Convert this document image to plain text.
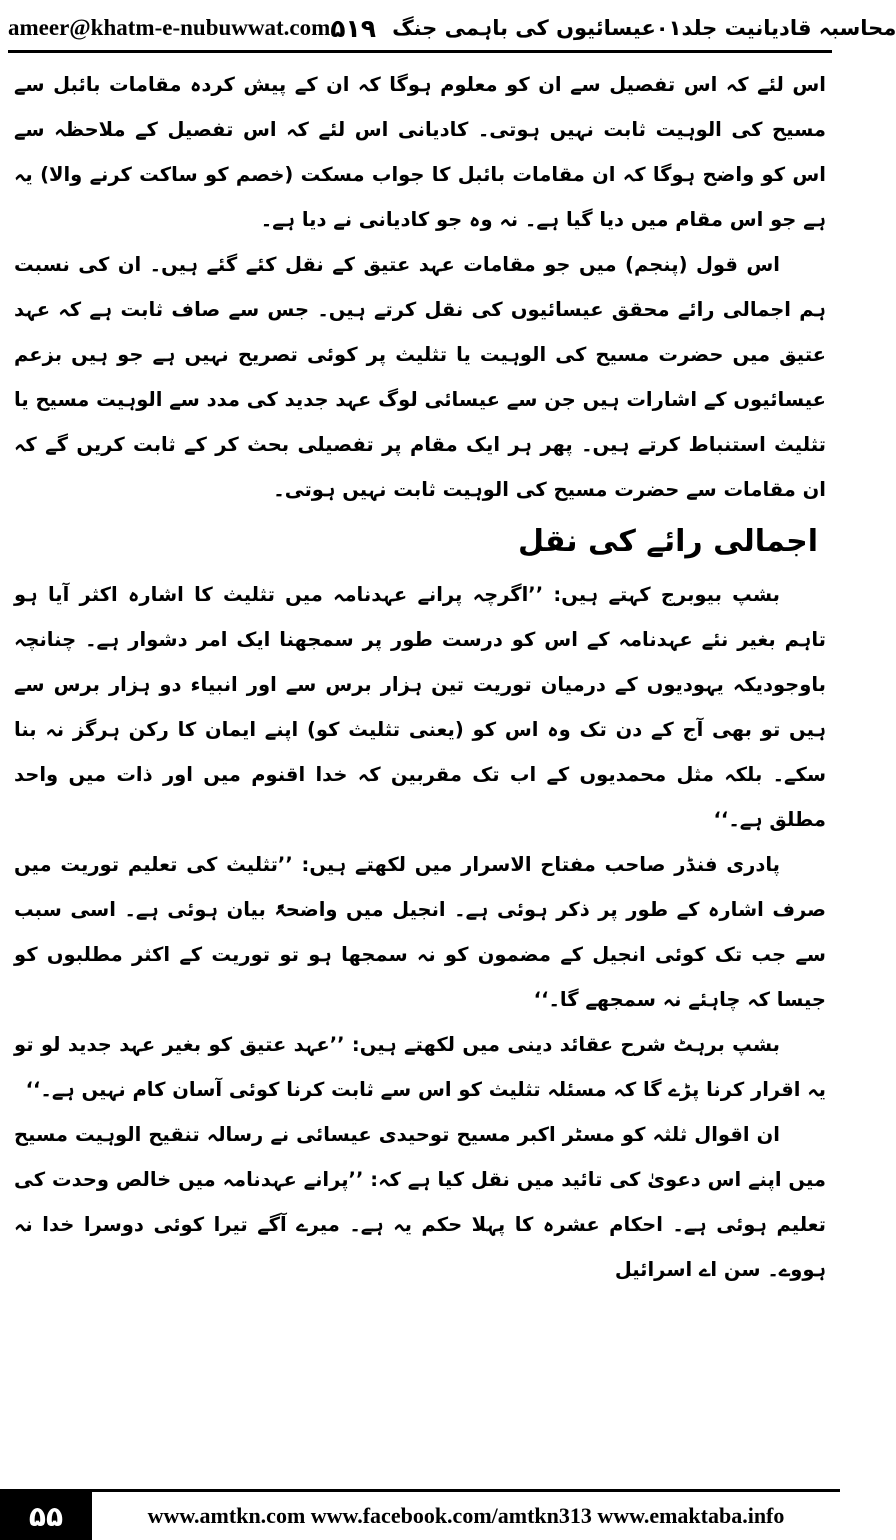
ameer@khatm-e-nubuwwat.com	محاسبہ قادیانیت جلد۰۱عیسائیوں کی باہمی جنگ
۵۱۹

اس لئے کہ اس تفصیل سے ان کو معلوم ہوگا کہ ان کے پیش کردہ مقامات بائبل سے مسیح کی الوہیت ثابت نہیں ہوتی۔ کادیانی اس لئے کہ اس تفصیل کے ملاحظہ سے اس کو واضح ہوگا کہ ان مقامات بائبل کا جواب مسکت (خصم کو ساکت کرنے والا) یہ ہے جو اس مقام میں دیا گیا ہے۔ نہ وہ جو کادیانی نے دیا ہے۔

اس قول (پنجم) میں جو مقامات عہد عتیق کے نقل کئے گئے ہیں۔ ان کی نسبت ہم اجمالی رائے محقق عیسائیوں کی نقل کرتے ہیں۔ جس سے صاف ثابت ہے کہ عہد عتیق میں حضرت مسیح کی الوہیت یا تثلیث پر کوئی تصریح نہیں ہے جو ہیں بزعم عیسائیوں کے اشارات ہیں جن سے عیسائی لوگ عہد جدید کی مدد سے الوہیت مسیح یا تثلیث استنباط کرتے ہیں۔ پھر ہر ایک مقام پر تفصیلی بحث کر کے ثابت کریں گے کہ ان مقامات سے حضرت مسیح کی الوہیت ثابت نہیں ہوتی۔

اجمالی رائے کی نقل

بشپ بیوبرج کہتے ہیں: ’’اگرچہ پرانے عہدنامہ میں تثلیث کا اشارہ اکثر آیا ہو تاہم بغیر نئے عہدنامہ کے اس کو درست طور پر سمجھنا ایک امر دشوار ہے۔ چنانچہ باوجودیکہ یہودیوں کے درمیان توریت تین ہزار برس سے اور انبیاء دو ہزار برس سے ہیں تو بھی آج کے دن تک وہ اس کو (یعنی تثلیث کو) اپنے ایمان کا رکن ہرگز نہ بنا سکے۔ بلکہ مثل محمدیوں کے اب تک مقربین کہ خدا اقنوم میں اور ذات میں واحد مطلق ہے۔‘‘

پادری فنڈر صاحب مفتاح الاسرار میں لکھتے ہیں: ’’تثلیث کی تعلیم توریت میں صرف اشارہ کے طور پر ذکر ہوئی ہے۔ انجیل میں واضحۃً بیان ہوئی ہے۔ اسی سبب سے جب تک کوئی انجیل کے مضمون کو نہ سمجھا ہو تو توریت کے اکثر مطلبوں کو جیسا کہ چاہئے نہ سمجھے گا۔‘‘

بشپ برہٹ شرح عقائد دینی میں لکھتے ہیں: ’’عہد عتیق کو بغیر عہد جدید لو تو یہ اقرار کرنا پڑے گا کہ مسئلہ تثلیث کو اس سے ثابت کرنا کوئی آسان کام نہیں ہے۔‘‘

ان اقوال ثلثہ کو مسٹر اکبر مسیح توحیدی عیسائی نے رسالہ تنقیح الوہیت مسیح میں اپنے اس دعویٰ کی تائید میں نقل کیا ہے کہ: ’’پرانے عہدنامہ میں خالص وحدت کی تعلیم ہوئی ہے۔ احکام عشرہ کا پہلا حکم یہ ہے۔ میرے آگے تیرا کوئی دوسرا خدا نہ ہووے۔ سن اے اسرائیل

۵۵	www.amtkn.com www.facebook.com/amtkn313 www.emaktaba.info
